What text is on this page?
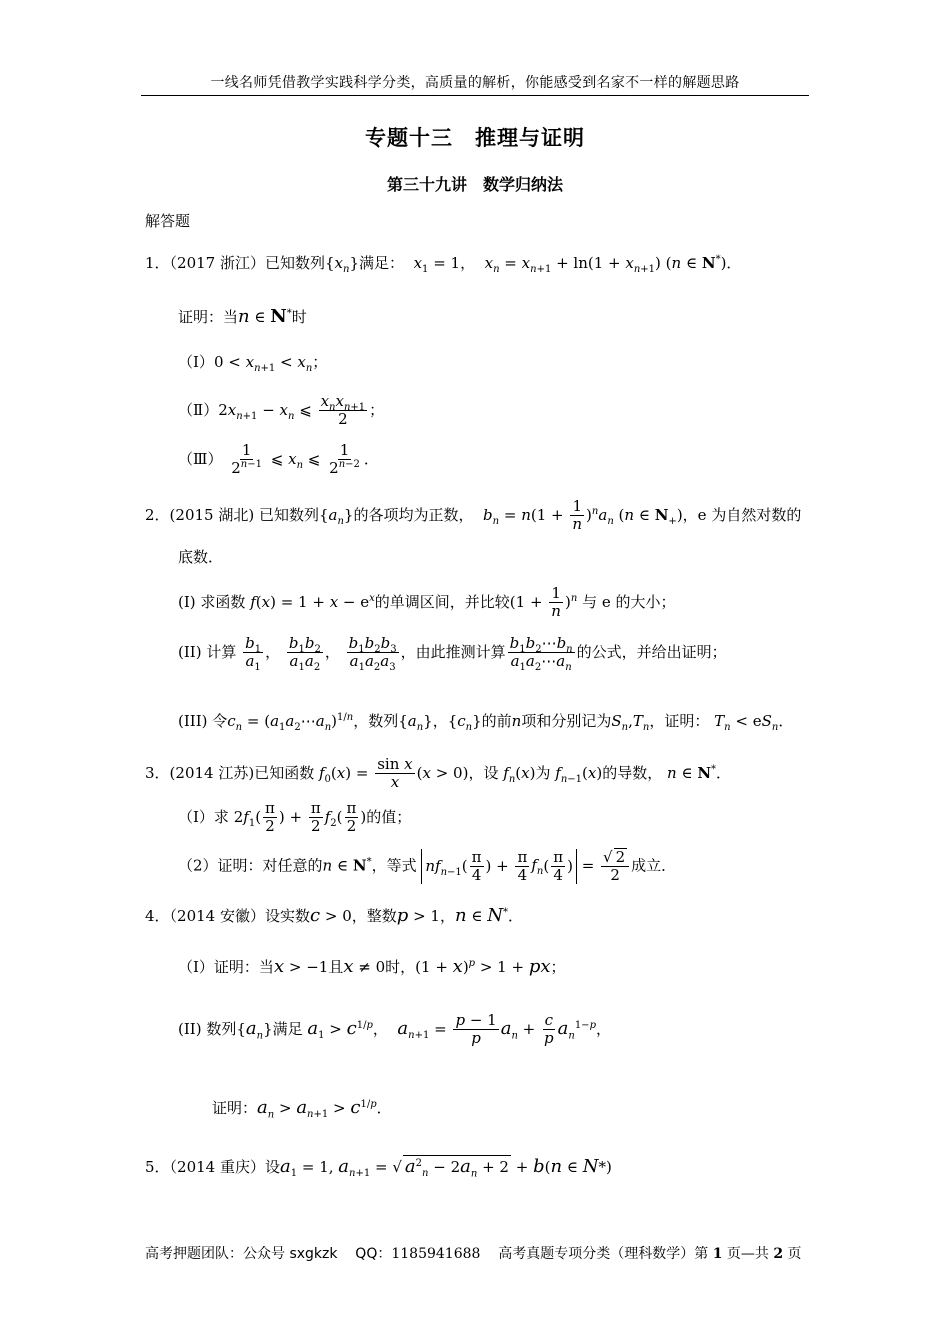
一线名师凭借教学实践科学分类，高质量的解析，你能感受到名家不一样的解题思路
专题十三　推理与证明
第三十九讲　数学归纳法
解答题
1．（2017 浙江）已知数列$\{x_n\}$满足： $x_1 = 1$，  $x_n = x_{n+1} + \ln(1 + x_{n+1})$ (n ∈ N*)．
证明：当n ∈ N*时
（Ⅰ）0 < $x_{n+1} < x_n$；
$(Ⅱ)2x_{n+1} - x_n$ ⩽ $\frac{x_nx_{n+1}}{2}$ ；
（Ⅲ） $\frac{1}{2^{n-1}}$ ⩽ $x_n$ ⩽ $\frac{1}{2^{n-2}}$ ．
2．(2015 湖北) 已知数列$\{a_n\}$的各项均为正数， $b_n = n(1 + \frac{1}{n} )^na_n$ (n ∈ $N_+$)，e 为自然对数的
底数．
(I) 求函数 $f(x) = 1 + x - e^x$的单调区间，并比较$(1 + \frac{1}{n} )^n$ 与 e 的大小；
(II) 计算 $\frac{b_1}{a_1}$ ， $\frac{b_1b_2}{a_1a_2}$ ， $\frac{b_1b_2b_3}{a_1a_2a_3}$ ，由此推测计算 $\frac{b_1b_2\cdots b_n}{a_1a_2\cdots a_n}$ 的公式，并给出证明；
(III) 令$c_n$ = $(a_1a_2\cdots a_n)^{1/n}$，数列$\{a_n\}$，$\{c_n\}$的前n项和分别记为$S_n,T_n$，证明： $T_n < eS_n$．
3．(2014 江苏)已知函数 $f_0(x) = \frac{\text{sin x}}{x} (x > 0)$，设 $f_n(x)$为 $f_{n-1}(x)$的导数， n ∈ N*．
（Ⅰ）求 $2f_1( \frac{\pi}{2}$ ) + $\frac{\pi}{2} f_2( \frac{\pi}{2}$ )的值；
（2）证明：对任意的n ∈ N*，等式 $nf_{n-1}( \frac{\pi}{4}$ ) + $\frac{\pi}{4} f_n( \frac{\pi}{4}$ ) = $\frac{√ 2}{2}$ 成立．
4．（2014 安徽）设实数c > 0，整数p > 1，n ∈ N*．
（Ⅰ）证明：当x > −1且x ≠ 0时，$(1 + x)^p > 1$ + px；
(II) 数列$\{a_n\}$满足 $a_1 > c^{1/p}$，  $a_{n+1} = \frac{p - 1}{p} a_n + \frac{c}{p} a_n^{1-p}$，
证明：$a_n > a_{n+1} > c^{1/p}$．
5．（2014 重庆）设$a_1 = 1$, $a_{n+1}$ = √ $a^2_n - 2a_n + 2 + b(n$ ∈ N*)
高考押题团队：公众号 sxgkzk QQ：1185941688 高考真题专项分类（理科数学）第 1 页—共 2 页
